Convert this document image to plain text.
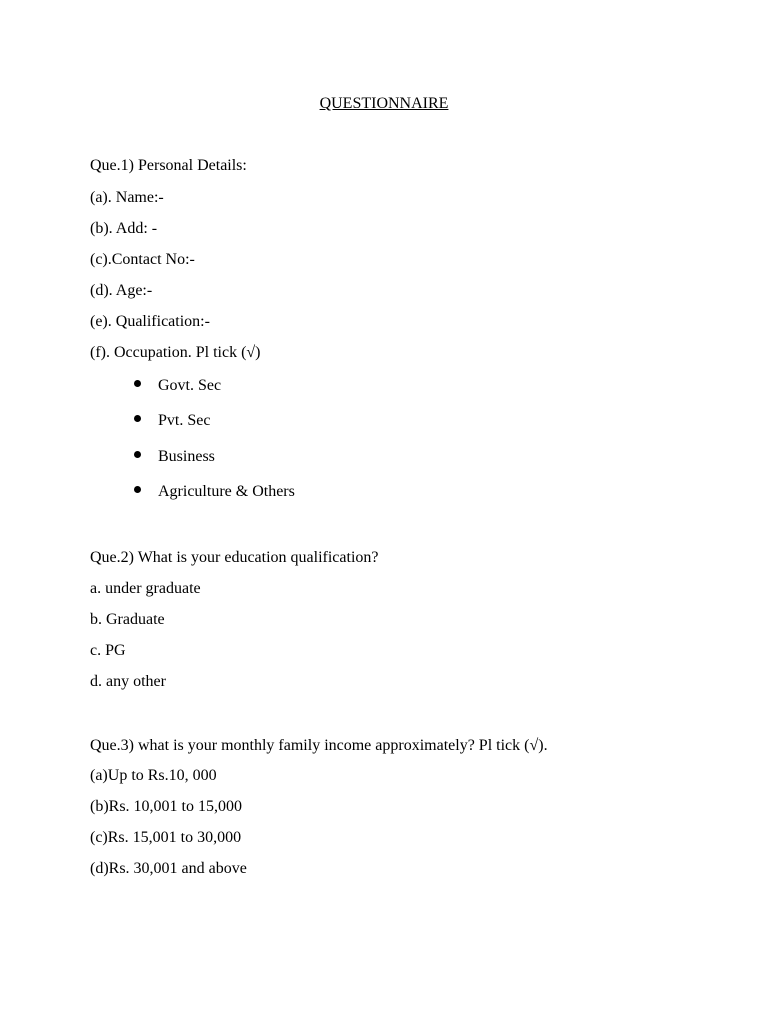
QUESTIONNAIRE
Que.1) Personal Details:
(a). Name:-
(b). Add: -
(c).Contact No:-
(d). Age:-
(e). Qualification:-
(f). Occupation. Pl tick (√)
Govt. Sec
Pvt. Sec
Business
Agriculture & Others
Que.2) What is your education qualification?
a. under graduate
b. Graduate
c. PG
d. any other
Que.3) what is your monthly family income approximately? Pl tick (√).
(a)Up to Rs.10, 000
(b)Rs. 10,001 to 15,000
(c)Rs. 15,001 to 30,000
(d)Rs. 30,001 and above
